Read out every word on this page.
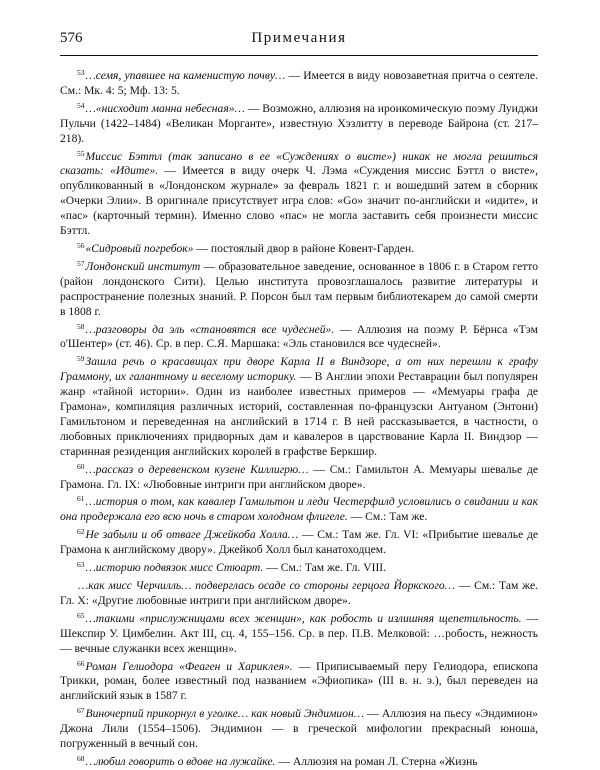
576	Примечания

$^{53}$…семя, упавшее на каменистую почву… — Имеется в виду новозаветная притча о сеятеле. См.: Мк. 4: 5; Мф. 13: 5.

$^{54}$…«нисходит манна небесная»… — Возможно, аллюзия на ироикомическую поэму Луиджи Пульчи (1422–1484) «Великан Морганте», известную Хэзлитту в переводе Байрона (ст. 217–218).

$^{55}$Миссис Бэттл (так записано в ее «Суждениях о висте») никак не могла решиться сказать: «Идите». — Имеется в виду очерк Ч. Лэма «Суждения миссис Бэттл о висте», опубликованный в «Лондонском журнале» за февраль 1821 г. и вошедший затем в сборник «Очерки Элии». В оригинале присутствует игра слов: «Go» значит по-английски и «идите», и «пас» (карточный термин). Именно слово «пас» не могла заставить себя произнести миссис Бэттл.

$^{56}$«Сидровый погребок» — постоялый двор в районе Ковент-Гарден.

$^{57}$Лондонский институт — образовательное заведение, основанное в 1806 г. в Старом гетто (район лондонского Сити). Целью института провозглашалось развитие литературы и распространение полезных знаний. Р. Порсон был там первым библиотекарем до самой смерти в 1808 г.

$^{58}$…разговоры да эль «становятся все чудесней». — Аллюзия на поэму Р. Бёрнса «Тэм о'Шентер» (ст. 46). Ср. в пер. С.Я. Маршака: «Эль становился все чудесней».

$^{59}$Зашла речь о красавицах при дворе Карла II в Виндзоре, а от них перешли к графу Граммону, их галантному и веселому историку. — В Англии эпохи Реставрации был популярен жанр «тайной истории». Один из наиболее известных примеров — «Мемуары графа де Грамона», компиляция различных историй, составленная по-французски Антуаном (Энтони) Гамильтоном и переведенная на английский в 1714 г. В ней рассказывается, в частности, о любовных приключениях придворных дам и кавалеров в царствование Карла II. Виндзор — старинная резиденция английских королей в графстве Беркшир.

$^{60}$…рассказ о деревенском кузене Киллигрю… — См.: Гамильтон А. Мемуары шевалье де Грамона. Гл. IX: «Любовные интриги при английском дворе».

$^{61}$…история о том, как кавалер Гамильтон и леди Честерфилд условились о свидании и как она продержала его всю ночь в старом холодном флигеле. — См.: Там же.

$^{62}$Не забыли и об отваге Джейкоба Холла… — См.: Там же. Гл. VI: «Прибытие шевалье де Грамона к английскому двору». Джейкоб Холл был канатоходцем.

$^{63}$…историю подвязок мисс Стюарт. — См.: Там же. Гл. VIII.

…как мисс Черчилль… подверглась осаде со стороны герцога Йоркского… — См.: Там же. Гл. X: «Другие любовные интриги при английском дворе».

$^{65}$…такими «прислужницами всех женщин», как робость и излишняя щепетильность. — Шекспир У. Цимбелин. Акт III, сц. 4, 155–156. Ср. в пер. П.В. Мелковой: …робость, нежность — вечные служанки всех женщин».

$^{66}$Роман Гелиодора «Феаген и Хариклея». — Приписываемый перу Гелиодора, епископа Трикки, роман, более известный под названием «Эфиопика» (III в. н. э.), был переведен на английский язык в 1587 г.

$^{67}$Виночерпий прикорнул в уголке… как новый Эндимион… — Аллюзия на пьесу «Эндимион» Джона Лили (1554–1506). Эндимион — в греческой мифологии прекрасный юноша, погруженный в вечный сон.

$^{68}$…любил говорить о вдове на лужайке. — Аллюзия на роман Л. Стерна «Жизнь
